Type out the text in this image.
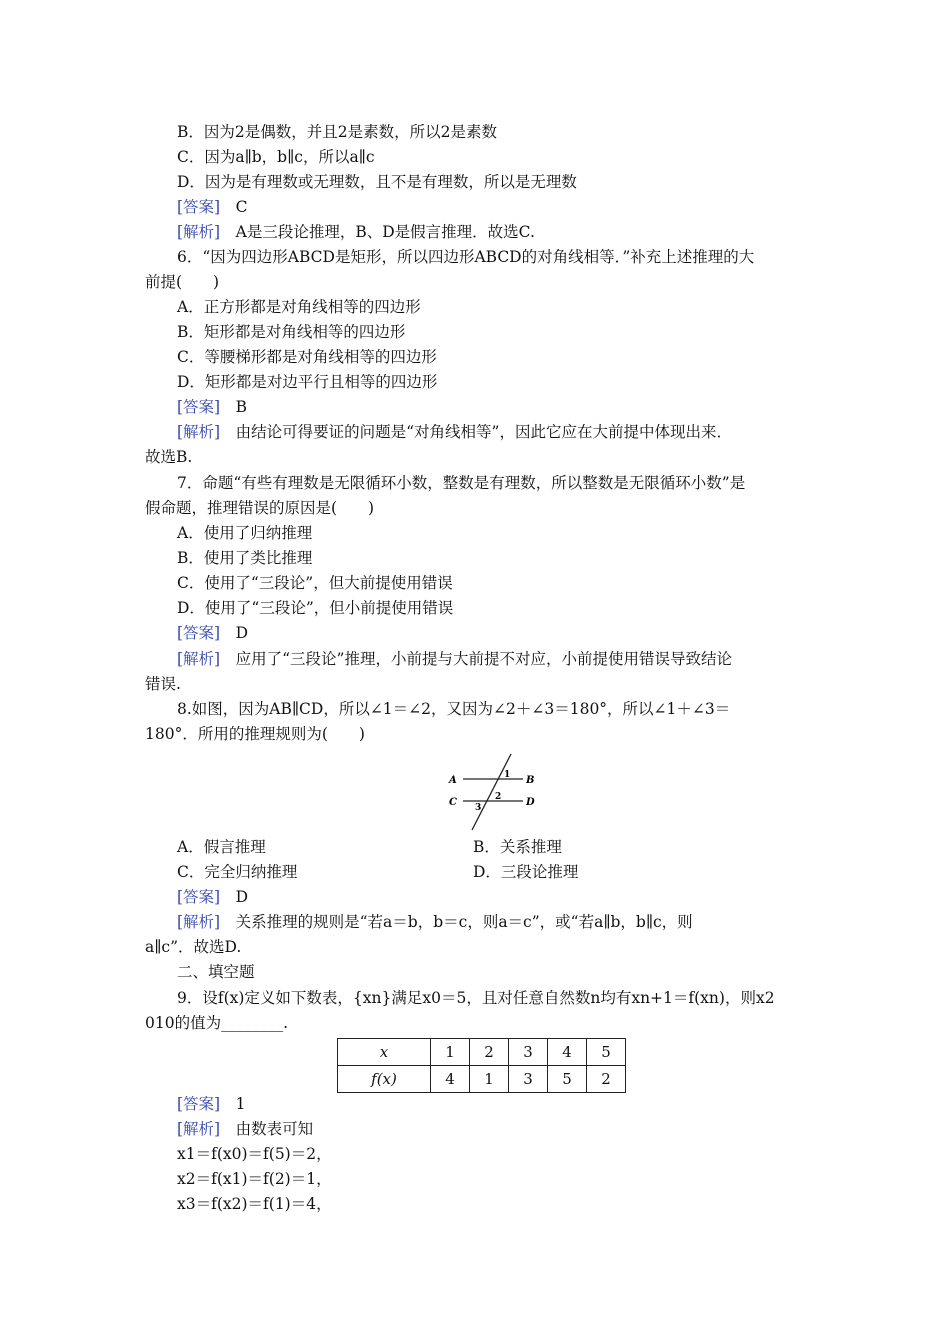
B．因为2是偶数，并且2是素数，所以2是素数
C．因为a∥b，b∥c，所以a∥c
D．因为是有理数或无理数，且不是有理数，所以是无理数
[答案]　 C
[解析]　 A是三段论推理，B、D是假言推理．故选C.
6．“因为四边形ABCD是矩形，所以四边形ABCD的对角线相等．”补充上述推理的大
前提(　　)
A．正方形都是对角线相等的四边形
B．矩形都是对角线相等的四边形
C．等腰梯形都是对角线相等的四边形
D．矩形都是对边平行且相等的四边形
[答案]　 B
[解析]　 由结论可得要证的问题是“对角线相等”，因此它应在大前提中体现出来．
故选B.
7．命题“有些有理数是无限循环小数，整数是有理数，所以整数是无限循环小数”是
假命题，推理错误的原因是(　　)
A．使用了归纳推理
B．使用了类比推理
C．使用了“三段论”，但大前提使用错误
D．使用了“三段论”，但小前提使用错误
[答案]　 D
[解析]　 应用了“三段论”推理，小前提与大前提不对应，小前提使用错误导致结论
错误.
8.如图，因为AB∥CD，所以∠1＝∠2，又因为∠2＋∠3＝180°，所以∠1＋∠3＝
180°．所用的推理规则为(　　)
A	B
C	D
1
2
3
A．假言推理	B．关系推理
C．完全归纳推理	D．三段论推理
[答案]　 D
[解析]　 关系推理的规则是“若a＝b，b＝c，则a＝c”，或“若a∥b，b∥c，则
a∥c”．故选D.
二、填空题
9．设f(x)定义如下数表，{xn}满足x0＝5，且对任意自然数n均有xn+1＝f(xn)，则x2
010的值为________.
x	1	2	3	4	5
f(x)	4	1	3	5	2
[答案]　 1
[解析]　 由数表可知
x1＝f(x0)＝f(5)＝2，
x2＝f(x1)＝f(2)＝1，
x3＝f(x2)＝f(1)＝4，
